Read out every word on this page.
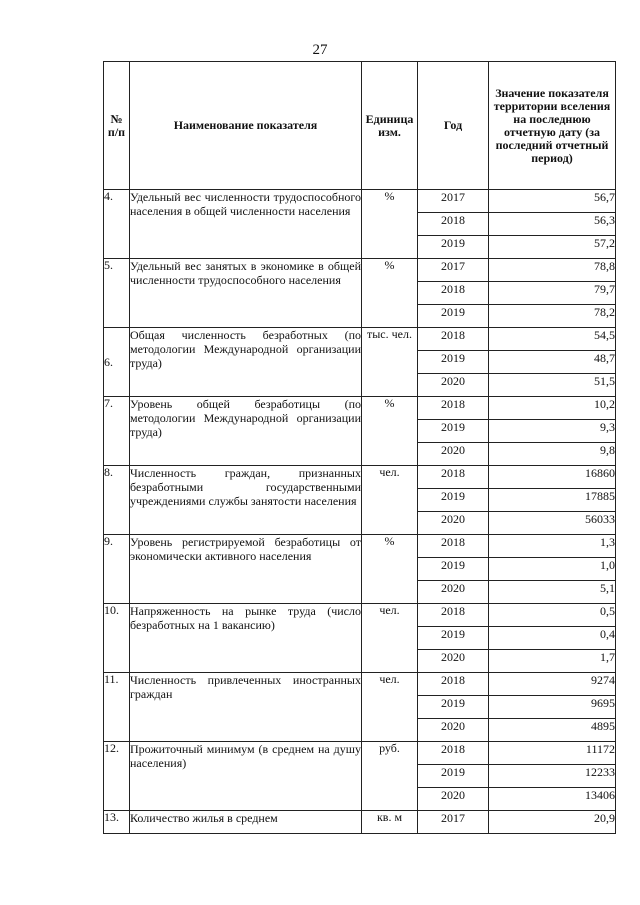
27
№ п/п	Наименование показателя	Единица изм.	Год	Значение показателя территории вселения на последнюю отчетную дату (за последний отчетный период)
4.	Удельный вес численности трудоспособного населения в общей численности населения	%	2017	56,7
			2018	56,3
			2019	57,2
5.	Удельный вес занятых в экономике в общей численности трудоспособного населения	%	2017	78,8
			2018	79,7
			2019	78,2
6.	Общая численность безработных (по методологии Международной организации труда)	тыс. чел.	2018	54,5
			2019	48,7
			2020	51,5
7.	Уровень общей безработицы (по методологии Международной организации труда)	%	2018	10,2
			2019	9,3
			2020	9,8
8.	Численность граждан, признанных безработными государственными учреждениями службы занятости населения	чел.	2018	16860
			2019	17885
			2020	56033
9.	Уровень регистрируемой безработицы от экономически активного населения	%	2018	1,3
			2019	1,0
			2020	5,1
10.	Напряженность на рынке труда (число безработных на 1 вакансию)	чел.	2018	0,5
			2019	0,4
			2020	1,7
11.	Численность привлеченных иностранных граждан	чел.	2018	9274
			2019	9695
			2020	4895
12.	Прожиточный минимум (в среднем на душу населения)	руб.	2018	11172
			2019	12233
			2020	13406
13.	Количество жилья в среднем	кв. м	2017	20,9
